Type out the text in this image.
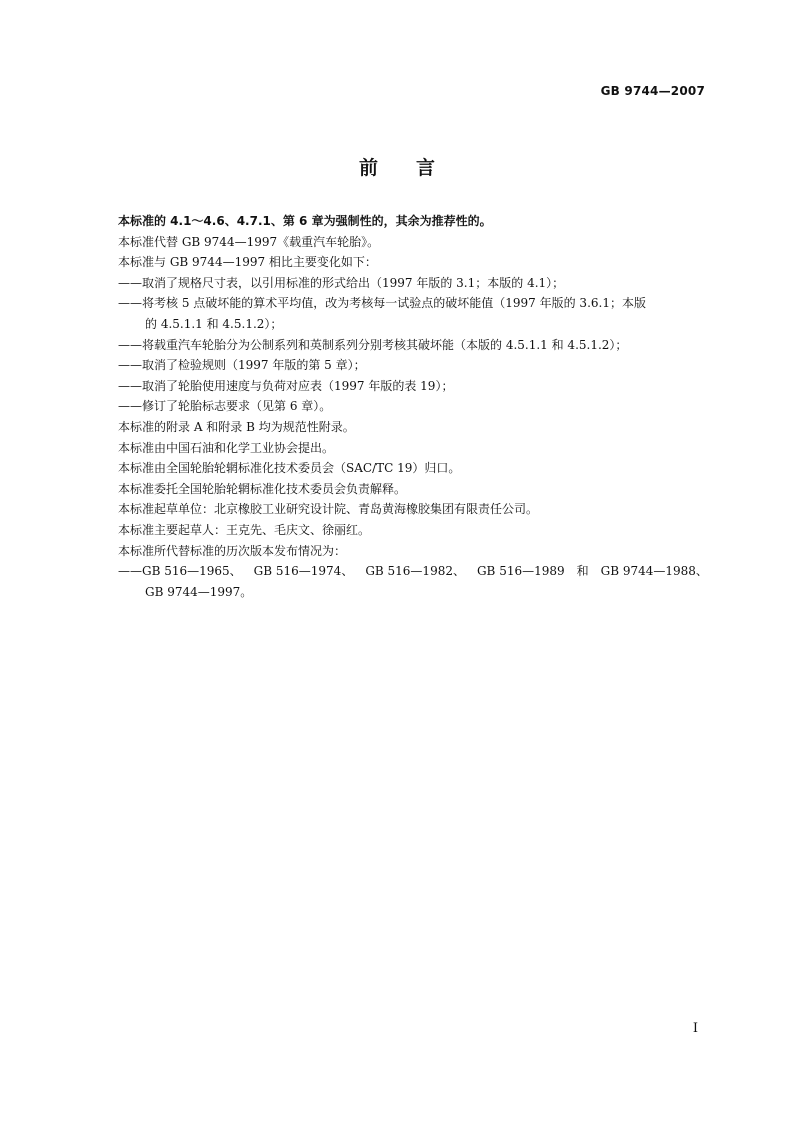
GB 9744—2007
前言
本标准的 4.1～4.6、4.7.1、第 6 章为强制性的，其余为推荐性的。
本标准代替 GB 9744—1997《载重汽车轮胎》。
本标准与 GB 9744—1997 相比主要变化如下：
——取消了规格尺寸表，以引用标准的形式给出（1997 年版的 3.1；本版的 4.1）；
——将考核 5 点破坏能的算术平均值，改为考核每一试验点的破坏能值（1997 年版的 3.6.1；本版
的 4.5.1.1 和 4.5.1.2）；
——将载重汽车轮胎分为公制系列和英制系列分别考核其破坏能（本版的 4.5.1.1 和 4.5.1.2）；
——取消了检验规则（1997 年版的第 5 章）；
——取消了轮胎使用速度与负荷对应表（1997 年版的表 19）；
——修订了轮胎标志要求（见第 6 章）。
本标准的附录 A 和附录 B 均为规范性附录。
本标准由中国石油和化学工业协会提出。
本标准由全国轮胎轮辋标准化技术委员会（SAC/TC 19）归口。
本标准委托全国轮胎轮辋标准化技术委员会负责解释。
本标准起草单位：北京橡胶工业研究设计院、青岛黄海橡胶集团有限责任公司。
本标准主要起草人：王克先、毛庆文、徐丽红。
本标准所代替标准的历次版本发布情况为：
——GB 516—1965、 GB 516—1974、 GB 516—1982、 GB 516—1989 和 GB 9744—1988、
GB 9744—1997。
I
